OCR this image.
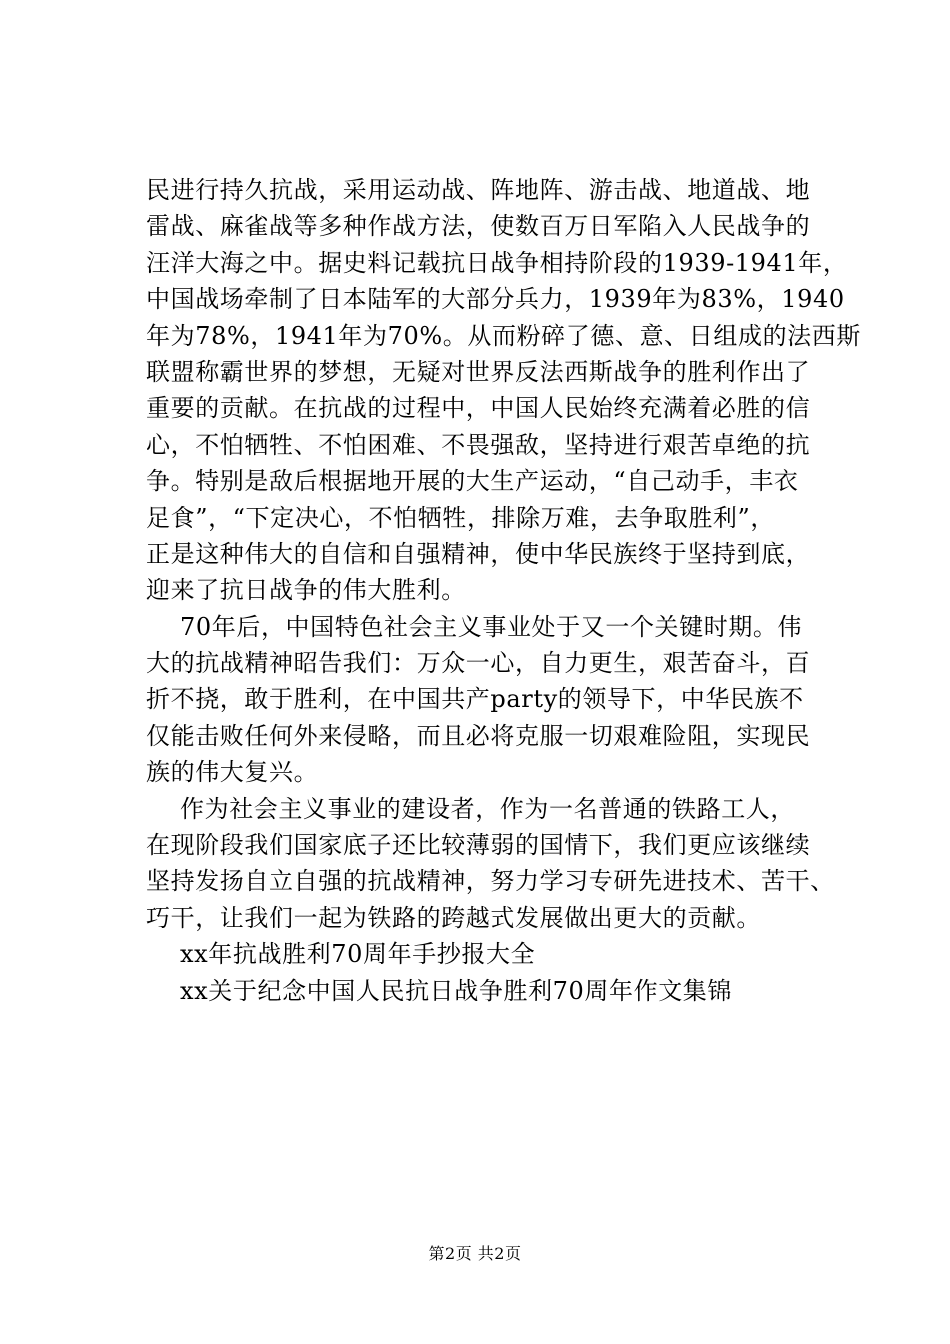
民进行持久抗战，采用运动战、阵地阵、游击战、地道战、地
雷战、麻雀战等多种作战方法，使数百万日军陷入人民战争的
汪洋大海之中。据史料记载抗日战争相持阶段的1939-1941年，
中国战场牵制了日本陆军的大部分兵力，1939年为83%，1940
年为78%，1941年为70%。从而粉碎了德、意、日组成的法西斯
联盟称霸世界的梦想，无疑对世界反法西斯战争的胜利作出了
重要的贡献。在抗战的过程中，中国人民始终充满着必胜的信
心，不怕牺牲、不怕困难、不畏强敌，坚持进行艰苦卓绝的抗
争。特别是敌后根据地开展的大生产运动，“自己动手，丰衣
足食”，“下定决心，不怕牺牲，排除万难，去争取胜利”，
正是这种伟大的自信和自强精神，使中华民族终于坚持到底，
迎来了抗日战争的伟大胜利。
70年后，中国特色社会主义事业处于又一个关键时期。伟
大的抗战精神昭告我们：万众一心，自力更生，艰苦奋斗，百
折不挠，敢于胜利，在中国共产party的领导下，中华民族不
仅能击败任何外来侵略，而且必将克服一切艰难险阻，实现民
族的伟大复兴。
作为社会主义事业的建设者，作为一名普通的铁路工人，
在现阶段我们国家底子还比较薄弱的国情下，我们更应该继续
坚持发扬自立自强的抗战精神，努力学习专研先进技术、苦干、
巧干，让我们一起为铁路的跨越式发展做出更大的贡献。
xx年抗战胜利70周年手抄报大全
xx关于纪念中国人民抗日战争胜利70周年作文集锦
第2页 共2页
